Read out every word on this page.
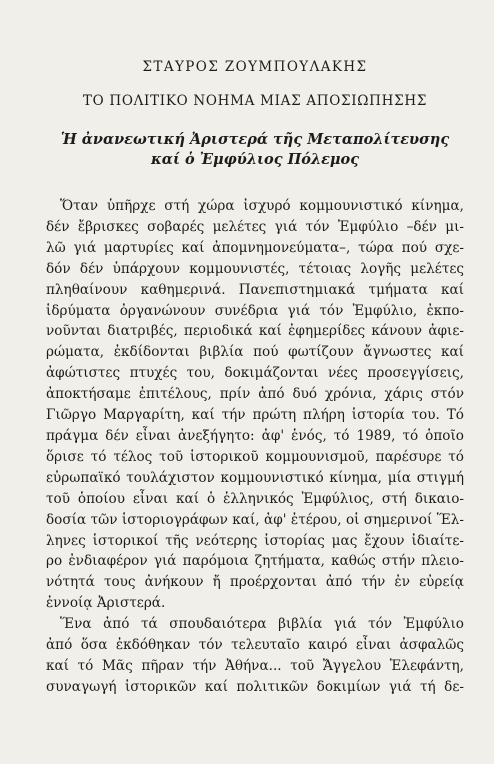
ΣΤΑΥΡΟΣ ΖΟΥΜΠΟΥΛΑΚΗΣ
ΤΟ ΠΟΛΙΤΙΚΟ ΝΟΗΜΑ ΜΙΑΣ ΑΠΟΣΙΩΠΗΣΗΣ
Ἡ ἀνανεωτική Ἀριστερά τῆς Μεταπολίτευσης
καί ὁ Ἐμφύλιος Πόλεμος
Ὅταν ὑπῆρχε στή χώρα ἰσχυρό κομμουνιστικό κίνημα,
δέν ἔβρισκες σοβαρές μελέτες γιά τόν Ἐμφύλιο –δέν μι-
λῶ γιά μαρτυρίες καί ἀπομνημονεύματα–, τώρα πού σχε-
δόν δέν ὑπάρχουν κομμουνιστές, τέτοιας λογῆς μελέτες
πληθαίνουν καθημερινά. Πανεπιστημιακά τμήματα καί
ἱδρύματα ὀργανώνουν συνέδρια γιά τόν Ἐμφύλιο, ἐκπο-
νοῦνται διατριβές, περιοδικά καί ἐφημερίδες κάνουν ἀφιε-
ρώματα, ἐκδίδονται βιβλία πού φωτίζουν ἄγνωστες καί
ἀφώτιστες πτυχές του, δοκιμάζονται νέες προσεγγίσεις,
ἀποκτήσαμε ἐπιτέλους, πρίν ἀπό δυό χρόνια, χάρις στόν
Γιῶργο Μαργαρίτη, καί τήν πρώτη πλήρη ἱστορία του. Τό
πράγμα δέν εἶναι ἀνεξήγητο: ἀφ' ἑνός, τό 1989, τό ὁποῖο
ὅρισε τό τέλος τοῦ ἱστορικοῦ κομμουνισμοῦ, παρέσυρε τό
εὐρωπαϊκό τουλάχιστον κομμουνιστικό κίνημα, μία στιγμή
τοῦ ὁποίου εἶναι καί ὁ ἑλληνικός Ἐμφύλιος, στή δικαιο-
δοσία τῶν ἱστοριογράφων καί, ἀφ' ἑτέρου, οἱ σημερινοί Ἕλ-
ληνες ἱστορικοί τῆς νεότερης ἱστορίας μας ἔχουν ἰδιαίτε-
ρο ἐνδιαφέρον γιά παρόμοια ζητήματα, καθώς στήν πλειο-
νότητά τους ἀνήκουν ἤ προέρχονται ἀπό τήν ἐν εὐρείᾳ
ἐννοίᾳ Ἀριστερά.
Ἕνα ἀπό τά σπουδαιότερα βιβλία γιά τόν Ἐμφύλιο
ἀπό ὅσα ἐκδόθηκαν τόν τελευταῖο καιρό εἶναι ἀσφαλῶς
καί τό Μᾶς πῆραν τήν Ἀθήνα... τοῦ Ἄγγελου Ἐλεφάντη,
συναγωγή ἱστορικῶν καί πολιτικῶν δοκιμίων γιά τή δε-
